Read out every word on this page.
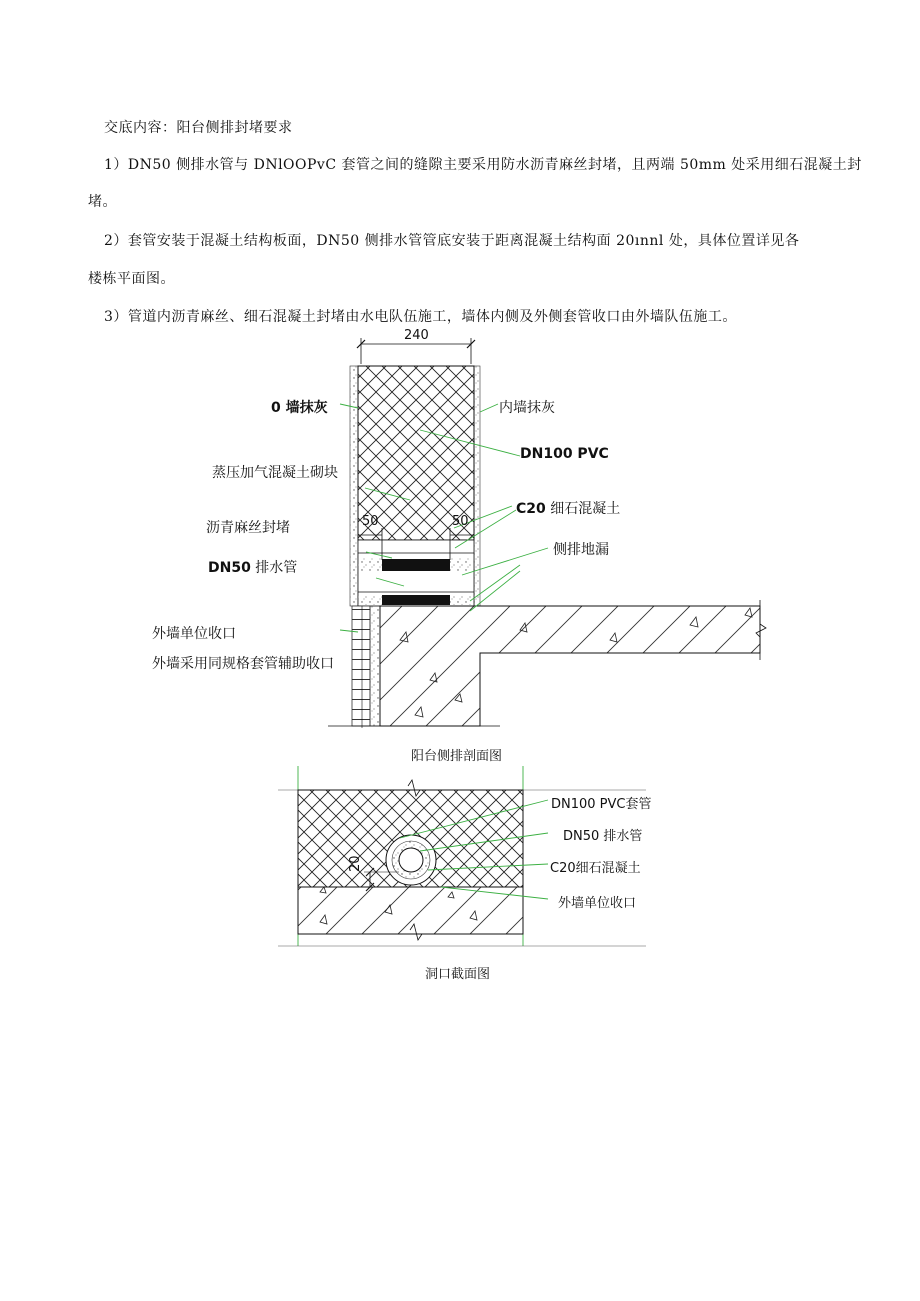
交底内容：阳台侧排封堵要求
1）DN50 侧排水管与 DNlOOPvC 套管之间的缝隙主要采用防水沥青麻丝封堵，且两端 50mm 处采用细石混凝土封
堵。
2）套管安装于混凝土结构板面，DN50 侧排水管管底安装于距离混凝土结构面 20ınnl 处，具体位置详见各
楼栋平面图。
3）管道内沥青麻丝、细石混凝土封堵由水电队伍施工，墙体内侧及外侧套管收口由外墙队伍施工。
240
50	50
0 墙抹灰	内墙抹灰
DN100 PVC
蒸压加气混凝土砌块
C20 细石混凝土
沥青麻丝封堵
侧排地漏
DN50 排水管
外墙单位收口
外墙采用同规格套管辅助收口
阳台侧排剖面图
20
DN100 PVC套管
DN50 排水管
C20细石混凝土
外墙单位收口
洞口截面图
